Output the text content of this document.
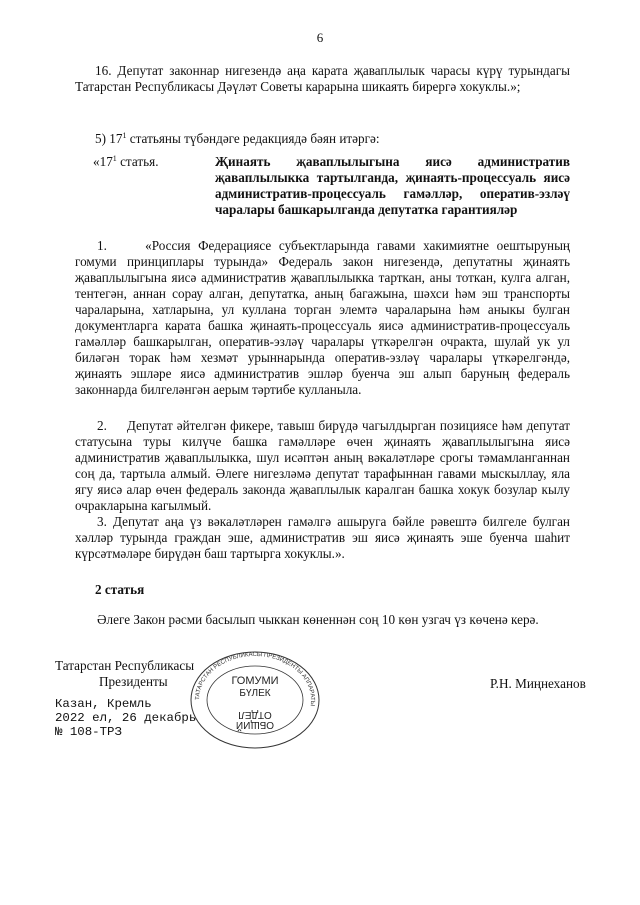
6

16. Депутат законнар нигезендә аңа карата җаваплылык чарасы күрү турындагы Татарстан Республикасы Дәүләт Советы карарына шикаять бирергә хокуклы.»;

5) $17^1$ статьяны түбәндәге редакциядә бәян итәргә:

«$17^1$ статья.	Җинаять җаваплылыгына яисә административ җаваплылыкка тартылганда, җинаять-процессуаль яисә административ-процессуаль гамәлләр, оператив-эзләү чаралары башкарылганда депутатка гарантияләр

1.     «Россия Федерациясе субъектларында гавами хакимиятне оештыруның гомуми принциплары турында» Федераль закон нигезендә, депутатны җинаять җаваплылыгына яисә административ җаваплылыкка тарткан, аны тоткан, кулга алган, тентегән, аннан сорау алган, депутатка, аның багажына, шәхси һәм эш транспорты чараларына, хатларына, ул кулланa торган элемтә чараларына һәм аныкы булган документларга карата башка җинаять-процессуаль яисә административ-процессуаль гамәлләр башкарылган, оператив-эзләү чаралары үткәрелгән очракта, шулай ук ул биләгән торак һәм хезмәт урыннарында оператив-эзләү чаралары үткәрелгәндә, җинаять эшләре яисә административ эшләр буенча эш алып баруның федераль законнарда билгеләнгән аерым тәртибе кулланыла.

2.     Депутат әйтелгән фикере, тавыш бирүдә чагылдырган позициясе һәм депутат статусына туры килүче башка гамәлләре өчен җинаять җаваплылыгына яисә административ җаваплылыкка, шул исәптән аның вәкаләтләре срогы тәмамланганнан соң да, тартыла алмый. Әлеге нигезләмә депутат тарафыннан гавами мыскыллау, яла ягу яисә алар өчен федераль законда җаваплылык каралган башка хокук бозулар кылу очракларына кагылмый.

3. Депутат аңа үз вәкаләтләрен гамәлгә ашыруга бәйле рәвештә билгеле булган хәлләр турында граждан эше, административ эш яисә җинаять эше буенча шаһит күрсәтмәләре бирүдән баш тартырга хокуклы.».

2 статья

Әлеге Закон рәсми басылып чыккан көненнән соң 10 көн узгач үз көченә керә.

Татарстан Республикасы
Президенты	Р.Н. Миңнеханов
Казан, Кремль
2022 ел, 26 декабрь
№ 108-ТРЗ
ТАТАРСТАН РЕСПУБЛИКАСЫ ПРЕЗИДЕНТЫ АППАРАТЫ
ГОМУМИ
БҮЛЕК
ОТДЕЛ
ОБЩИЙ
